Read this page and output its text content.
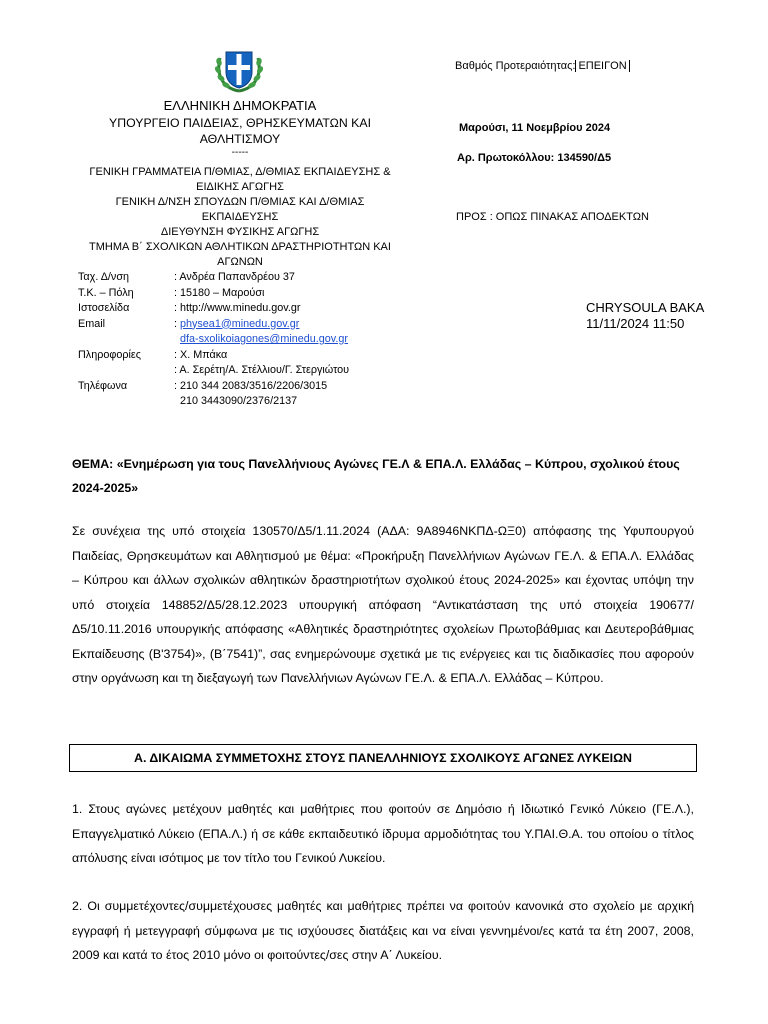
ΕΛΛΗΝΙΚΗ ΔΗΜΟΚΡΑΤΙΑ
ΥΠΟΥΡΓΕΙΟ ΠΑΙΔΕΙΑΣ, ΘΡΗΣΚΕΥΜΑΤΩΝ ΚΑΙ
ΑΘΛΗΤΙΣΜΟΥ
-----
ΓΕΝΙΚΗ ΓΡΑΜΜΑΤΕΙΑ Π/ΘΜΙΑΣ, Δ/ΘΜΙΑΣ ΕΚΠΑΙΔΕΥΣΗΣ &
ΕΙΔΙΚΗΣ ΑΓΩΓΗΣ
ΓΕΝΙΚΗ Δ/ΝΣΗ ΣΠΟΥΔΩΝ Π/ΘΜΙΑΣ ΚΑΙ Δ/ΘΜΙΑΣ
ΕΚΠΑΙΔΕΥΣΗΣ
ΔΙΕΥΘΥΝΣΗ ΦΥΣΙΚΗΣ ΑΓΩΓΗΣ
ΤΜΗΜΑ Β΄ ΣΧΟΛΙΚΩΝ ΑΘΛΗΤΙΚΩΝ ΔΡΑΣΤΗΡΙΟΤΗΤΩΝ ΚΑΙ
ΑΓΩΝΩΝ
Ταχ. Δ/νση	: Ανδρέα Παπανδρέου 37
Τ.Κ. – Πόλη	: 15180 – Μαρούσι
Ιστοσελίδα	: http://www.minedu.gov.gr
Email	: physea1@minedu.gov.gr
dfa-sxolikoiagones@minedu.gov.gr
Πληροφορίες	: Χ. Μπάκα
: Α. Σερέτη/Α. Στέλλιου/Γ. Στεργιώτου
Τηλέφωνα	: 210 344 2083/3516/2206/3015
210 3443090/2376/2137
Βαθμός Προτεραιότητας: ΕΠΕΙΓΟΝ
Μαρούσι, 11 Νοεμβρίου 2024
Αρ. Πρωτοκόλλου: 134590/Δ5
ΠΡΟΣ : ΟΠΩΣ ΠΙΝΑΚΑΣ ΑΠΟΔΕΚΤΩΝ
CHRYSOULA BAKA
11/11/2024 11:50
ΘΕΜΑ: «Ενημέρωση για τους Πανελλήνιους Αγώνες ΓΕ.Λ & ΕΠΑ.Λ. Ελλάδας – Κύπρου, σχολικού έτους 2024-2025»
Σε συνέχεια της υπό στοιχεία 130570/Δ5/1.11.2024 (ΑΔΑ: 9Α8946ΝΚΠΔ-ΩΞ0) απόφασης της Υφυπουργού Παιδείας, Θρησκευμάτων και Αθλητισμού με θέμα: «Προκήρυξη Πανελλήνιων Αγώνων ΓΕ.Λ. & ΕΠΑ.Λ. Ελλάδας – Κύπρου και άλλων σχολικών αθλητικών δραστηριοτήτων σχολικού έτους 2024-2025» και έχοντας υπόψη την υπό στοιχεία 148852/Δ5/28.12.2023 υπουργική απόφαση “Αντικατάσταση της υπό στοιχεία 190677/Δ5/10.11.2016 υπουργικής απόφασης «Αθλητικές δραστηριότητες σχολείων Πρωτοβάθμιας και Δευτεροβάθμιας Εκπαίδευσης (Β'3754)», (Β΄7541)”, σας ενημερώνουμε σχετικά με τις ενέργειες και τις διαδικασίες που αφορούν στην οργάνωση και τη διεξαγωγή των Πανελλήνιων Αγώνων ΓΕ.Λ. & ΕΠΑ.Λ. Ελλάδας – Κύπρου.
Α. ΔΙΚΑΙΩΜΑ ΣΥΜΜΕΤΟΧΗΣ ΣΤΟΥΣ ΠΑΝΕΛΛΗΝΙΟΥΣ ΣΧΟΛΙΚΟΥΣ ΑΓΩΝΕΣ ΛΥΚΕΙΩΝ
1. Στους αγώνες μετέχουν μαθητές και μαθήτριες που φοιτούν σε Δημόσιο ή Ιδιωτικό Γενικό Λύκειο (ΓΕ.Λ.), Επαγγελματικό Λύκειο (ΕΠΑ.Λ.) ή σε κάθε εκπαιδευτικό ίδρυμα αρμοδιότητας του Υ.ΠΑΙ.Θ.Α. του οποίου ο τίτλος απόλυσης είναι ισότιμος με τον τίτλο του Γενικού Λυκείου.
2. Οι συμμετέχοντες/συμμετέχουσες μαθητές και μαθήτριες πρέπει να φοιτούν κανονικά στο σχολείο με αρχική εγγραφή ή μετεγγραφή σύμφωνα με τις ισχύουσες διατάξεις και να είναι γεννημένοι/ες κατά τα έτη 2007, 2008, 2009 και κατά το έτος 2010 μόνο οι φοιτούντες/σες στην Α΄ Λυκείου.
